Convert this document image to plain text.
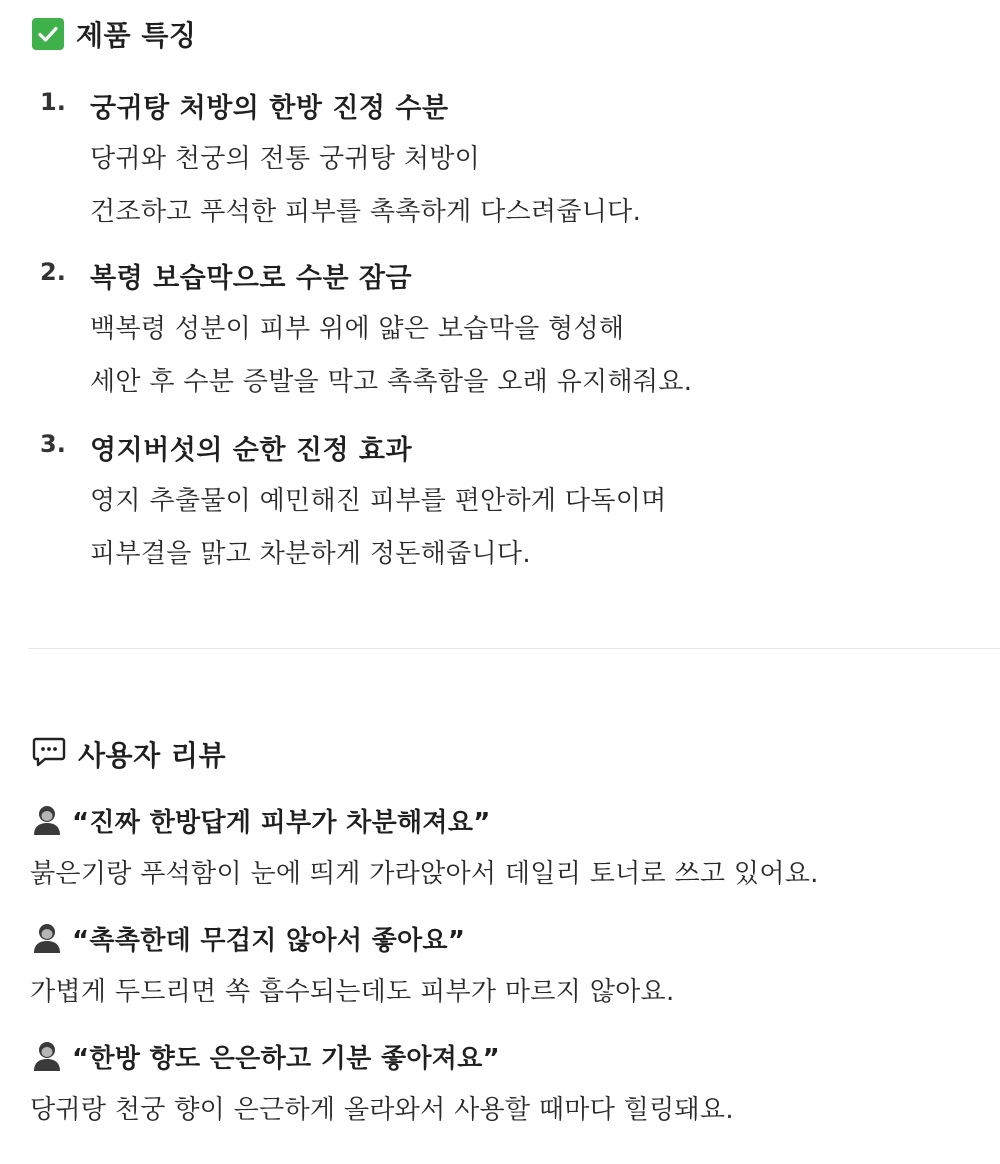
제품 특징
1. 궁귀탕 처방의 한방 진정 수분
당귀와 천궁의 전통 궁귀탕 처방이
건조하고 푸석한 피부를 촉촉하게 다스려줍니다.
2. 복령 보습막으로 수분 잠금
백복령 성분이 피부 위에 얇은 보습막을 형성해
세안 후 수분 증발을 막고 촉촉함을 오래 유지해줘요.
3. 영지버섯의 순한 진정 효과
영지 추출물이 예민해진 피부를 편안하게 다독이며
피부결을 맑고 차분하게 정돈해줍니다.
사용자 리뷰
“진짜 한방답게 피부가 차분해져요”
붉은기랑 푸석함이 눈에 띄게 가라앉아서 데일리 토너로 쓰고 있어요.
“촉촉한데 무겁지 않아서 좋아요”
가볍게 두드리면 쏙 흡수되는데도 피부가 마르지 않아요.
“한방 향도 은은하고 기분 좋아져요”
당귀랑 천궁 향이 은근하게 올라와서 사용할 때마다 힐링돼요.
